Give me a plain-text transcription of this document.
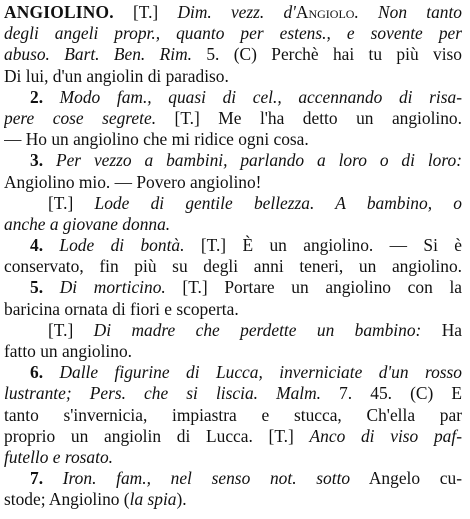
ANGIOLINO. [T.] Dim. vezz. d'Angiolo. Non tanto
degli angeli propr., quanto per estens., e sovente per
abuso. Bart. Ben. Rim. 5. (C) Perchè hai tu più viso
Di lui, d'un angiolin di paradiso.
2. Modo fam., quasi di cel., accennando di risa-
pere cose segrete. [T.] Me l'ha detto un angiolino.
— Ho un angiolino che mi ridice ogni cosa.
3. Per vezzo a bambini, parlando a loro o di loro:
Angiolino mio. — Povero angiolino!
[T.] Lode di gentile bellezza. A bambino, o
anche a giovane donna.
4. Lode di bontà. [T.] È un angiolino. — Si è
conservato, fin più su degli anni teneri, un angiolino.
5. Di morticino. [T.] Portare un angiolino con la
baricina ornata di fiori e scoperta.
[T.] Di madre che perdette un bambino: Ha
fatto un angiolino.
6. Dalle figurine di Lucca, inverniciate d'un rosso
lustrante; Pers. che si liscia. Malm. 7. 45. (C) E
tanto s'invernicia, impiastra e stucca, Ch'ella par
proprio un angiolin di Lucca. [T.] Anco di viso paf-
futello e rosato.
7. Iron. fam., nel senso not. sotto Angelo cu-
stode; Angiolino (la spia).
